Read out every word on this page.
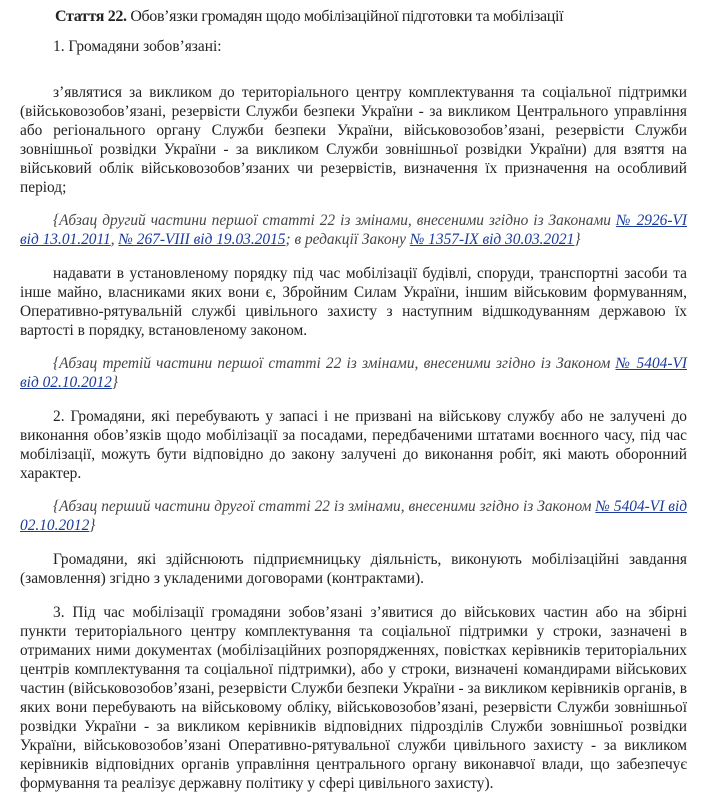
Стаття 22. Обов’язки громадян щодо мобілізаційної підготовки та мобілізації

1. Громадяни зобов’язані:

з’являтися за викликом до територіального центру комплектування та соціальної підтримки (військовозобов’язані, резервісти Служби безпеки України - за викликом Центрального управління або регіонального органу Служби безпеки України, військовозобов’язані, резервісти Служби зовнішньої розвідки України - за викликом Служби зовнішньої розвідки України) для взяття на військовий облік військовозобов’язаних чи резервістів, визначення їх призначення на особливий період;

{Абзац другий частини першої статті 22 із змінами, внесеними згідно із Законами № 2926-VI від 13.01.2011, № 267-VIII від 19.03.2015; в редакції Закону № 1357-IX від 30.03.2021}

надавати в установленому порядку під час мобілізації будівлі, споруди, транспортні засоби та інше майно, власниками яких вони є, Збройним Силам України, іншим військовим формуванням, Оперативно-рятувальній службі цивільного захисту з наступним відшкодуванням державою їх вартості в порядку, встановленому законом.

{Абзац третій частини першої статті 22 із змінами, внесеними згідно із Законом № 5404-VI від 02.10.2012}

2. Громадяни, які перебувають у запасі і не призвані на військову службу або не залучені до виконання обов’язків щодо мобілізації за посадами, передбаченими штатами воєнного часу, під час мобілізації, можуть бути відповідно до закону залучені до виконання робіт, які мають оборонний характер.

{Абзац перший частини другої статті 22 із змінами, внесеними згідно із Законом № 5404-VI від 02.10.2012}

Громадяни, які здійснюють підприємницьку діяльність, виконують мобілізаційні завдання (замовлення) згідно з укладеними договорами (контрактами).

3. Під час мобілізації громадяни зобов’язані з’явитися до військових частин або на збірні пункти територіального центру комплектування та соціальної підтримки у строки, зазначені в отриманих ними документах (мобілізаційних розпорядженнях, повістках керівників територіальних центрів комплектування та соціальної підтримки), або у строки, визначені командирами військових частин (військовозобов’язані, резервісти Служби безпеки України - за викликом керівників органів, в яких вони перебувають на військовому обліку, військовозобов’язані, резервісти Служби зовнішньої розвідки України - за викликом керівників відповідних підрозділів Служби зовнішньої розвідки України, військовозобов’язані Оперативно-рятувальної служби цивільного захисту - за викликом керівників відповідних органів управління центрального органу виконавчої влади, що забезпечує формування та реалізує державну політику у сфері цивільного захисту).
